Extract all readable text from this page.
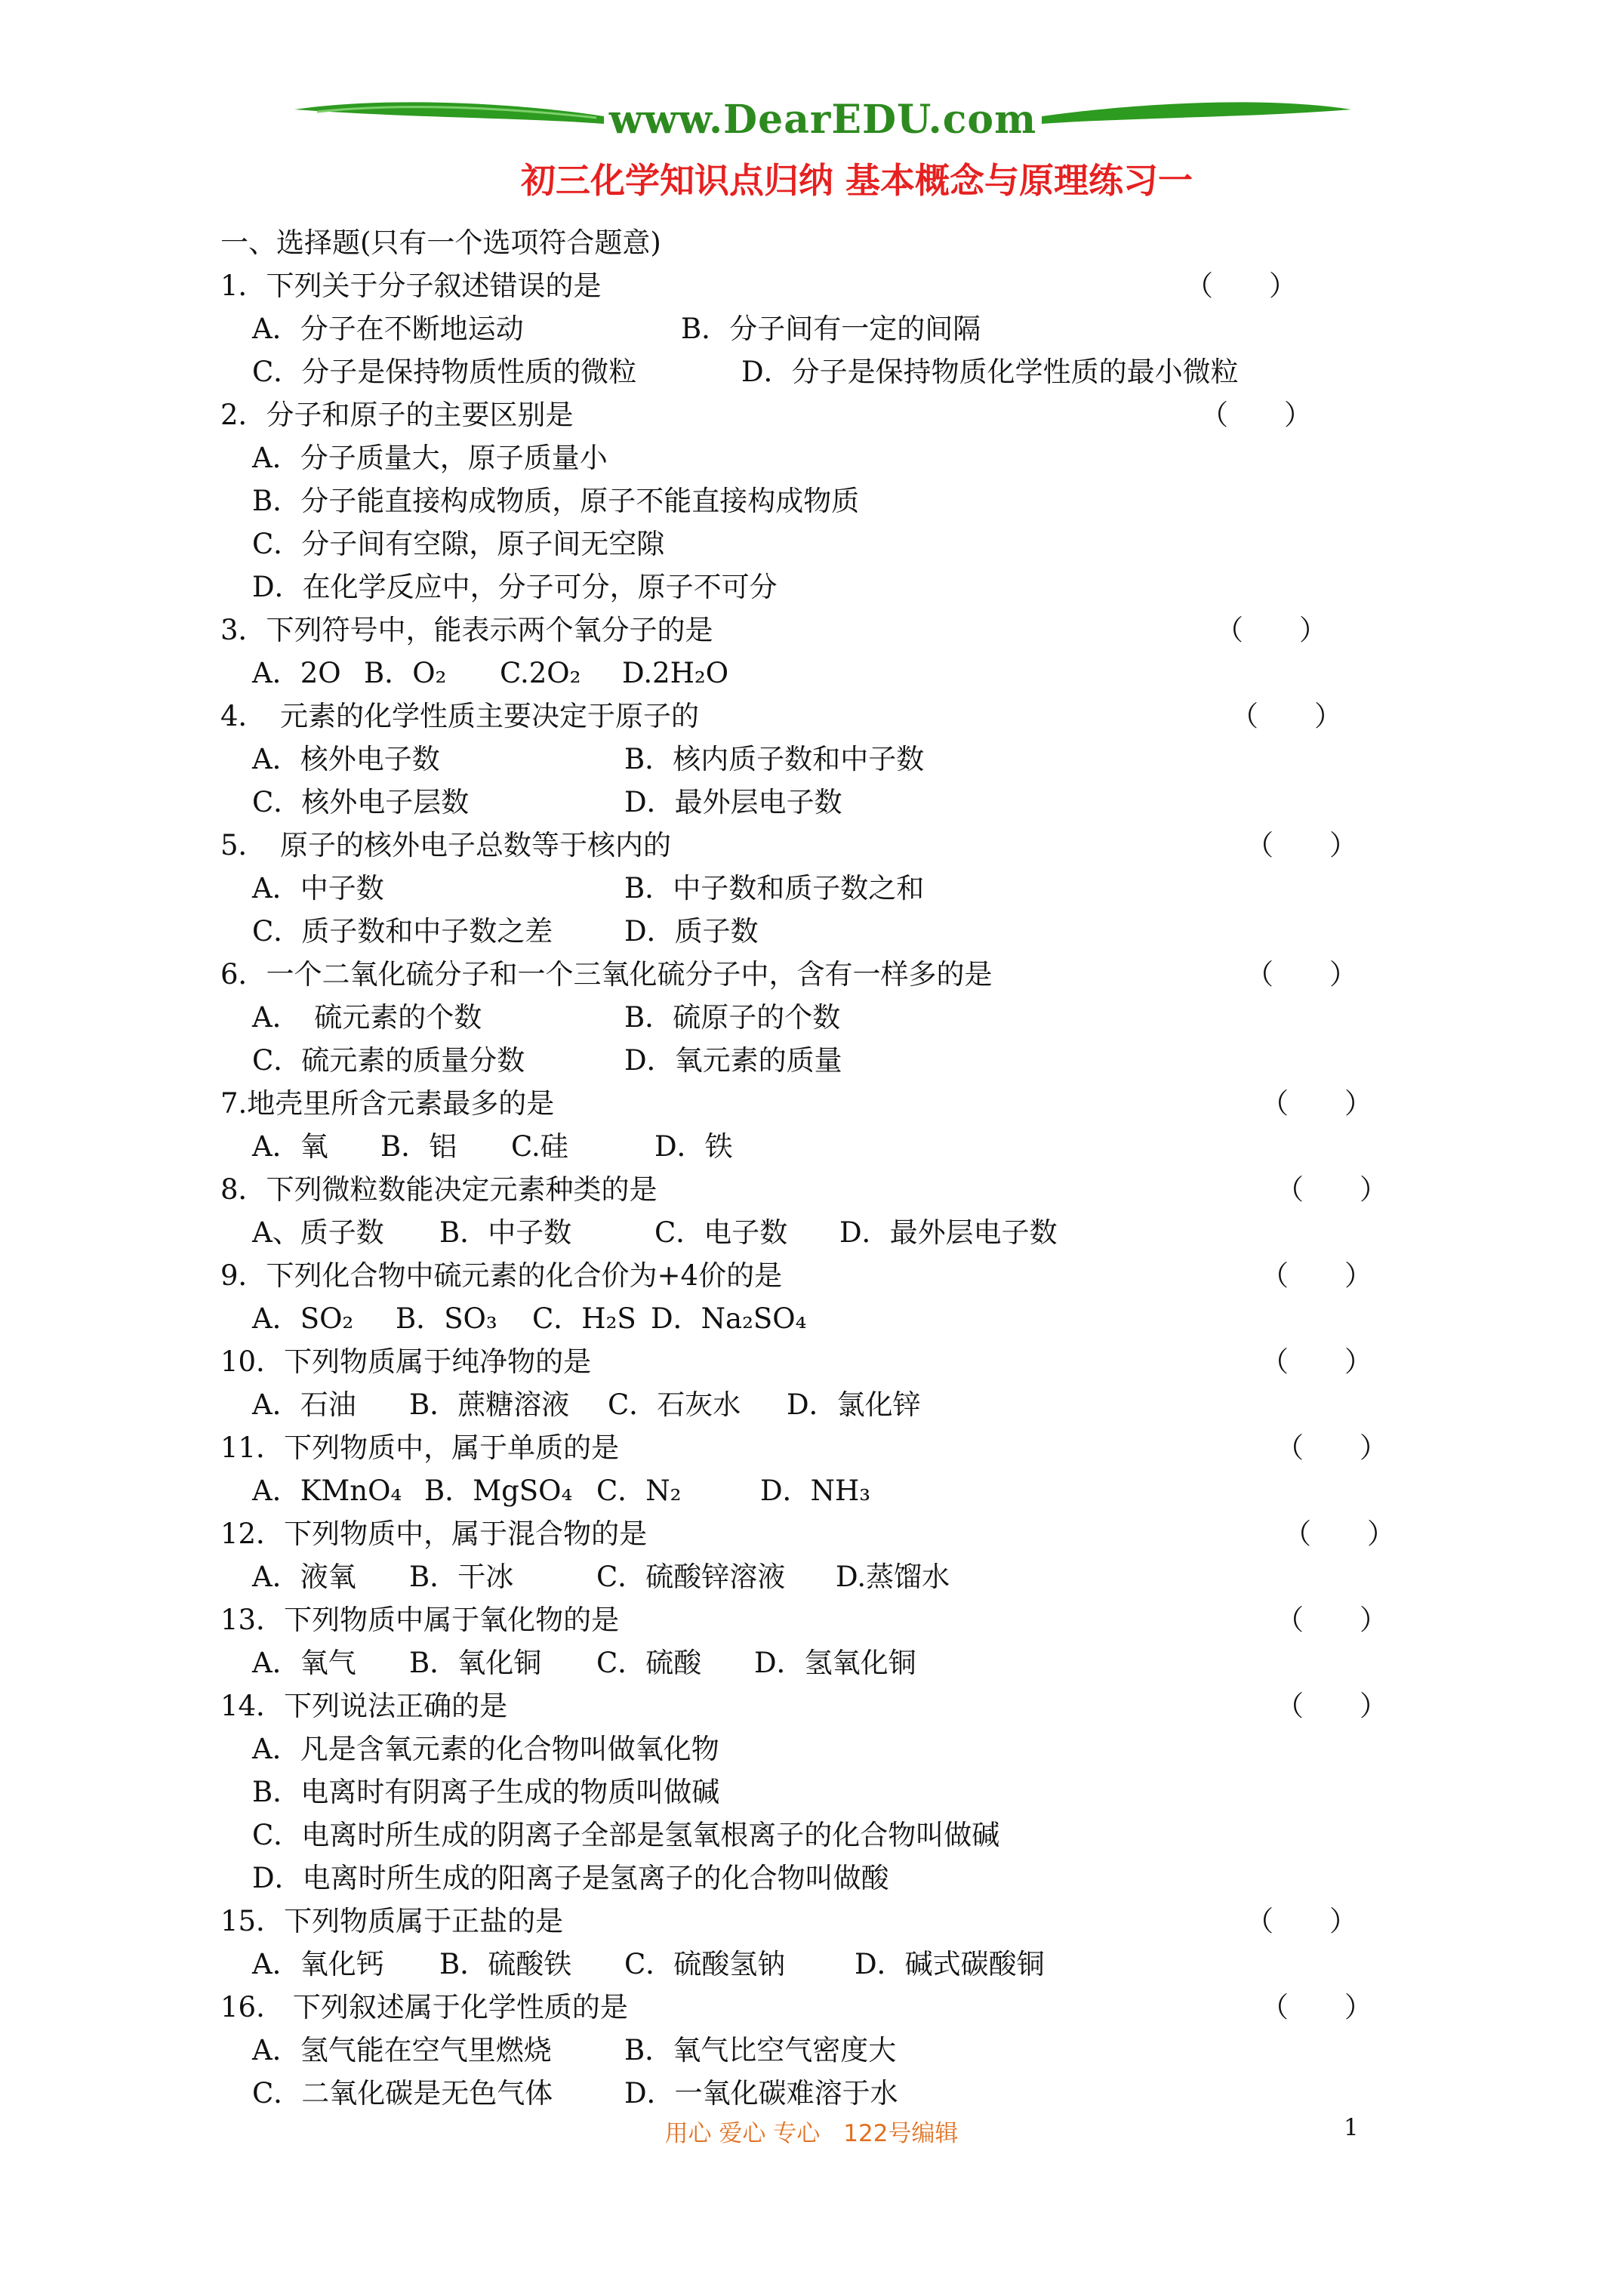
www.DearEDU.com
初三化学知识点归纳 基本概念与原理练习一
一、选择题(只有一个选项符合题意)
1．下列关于分子叙述错误的是	（　　）
A．分子在不断地运动	B．分子间有一定的间隔
C．分子是保持物质性质的微粒	D．分子是保持物质化学性质的最小微粒
2．分子和原子的主要区别是	（　　）
A．分子质量大，原子质量小
B．分子能直接构成物质，原子不能直接构成物质
C．分子间有空隙，原子间无空隙
D．在化学反应中，分子可分，原子不可分
3．下列符号中，能表示两个氧分子的是	（　　）
A．2O B．O₂ C.2O₂ D.2H₂O
4．　元素的化学性质主要决定于原子的	（　　）
A．核外电子数	B．核内质子数和中子数
C．核外电子层数	D．最外层电子数
5．　原子的核外电子总数等于核内的	（　　）
A．中子数	B．中子数和质子数之和
C．质子数和中子数之差	D．质子数
6．一个二氧化硫分子和一个三氧化硫分子中，含有一样多的是	（　　）
A．　硫元素的个数	B．硫原子的个数
C．硫元素的质量分数	D．氧元素的质量
7.地壳里所含元素最多的是	（　　）
A．氧 B．铝 C.硅	D．铁
8．下列微粒数能决定元素种类的是	（　　）
A、质子数 B．中子数	C．电子数 D．最外层电子数
9．下列化合物中硫元素的化合价为+4价的是	（　　）
A．SO₂ B．SO₃ C．H₂S D．Na₂SO₄
10．下列物质属于纯净物的是	（　　）
A．石油 B．蔗糖溶液 C．石灰水 D．氯化锌
11．下列物质中，属于单质的是	（　　）
A．KMnO₄ B．MgSO₄ C．N₂	D．NH₃
12．下列物质中，属于混合物的是	（　　）
A．液氧 B．干冰	C．硫酸锌溶液 D.蒸馏水
13．下列物质中属于氧化物的是	（　　）
A．氧气 B．氧化铜 C．硫酸 D．氢氧化铜
14．下列说法正确的是	（　　）
A．凡是含氧元素的化合物叫做氧化物
B．电离时有阴离子生成的物质叫做碱
C．电离时所生成的阴离子全部是氢氧根离子的化合物叫做碱
D．电离时所生成的阳离子是氢离子的化合物叫做酸
15．下列物质属于正盐的是	（　　）
A．氧化钙 B．硫酸铁 C．硫酸氢钠 D．碱式碳酸铜
16.　下列叙述属于化学性质的是	（　　）
A．氢气能在空气里燃烧	B．氧气比空气密度大
C．二氧化碳是无色气体	D．一氧化碳难溶于水
用心 爱心 专心　122号编辑	1
